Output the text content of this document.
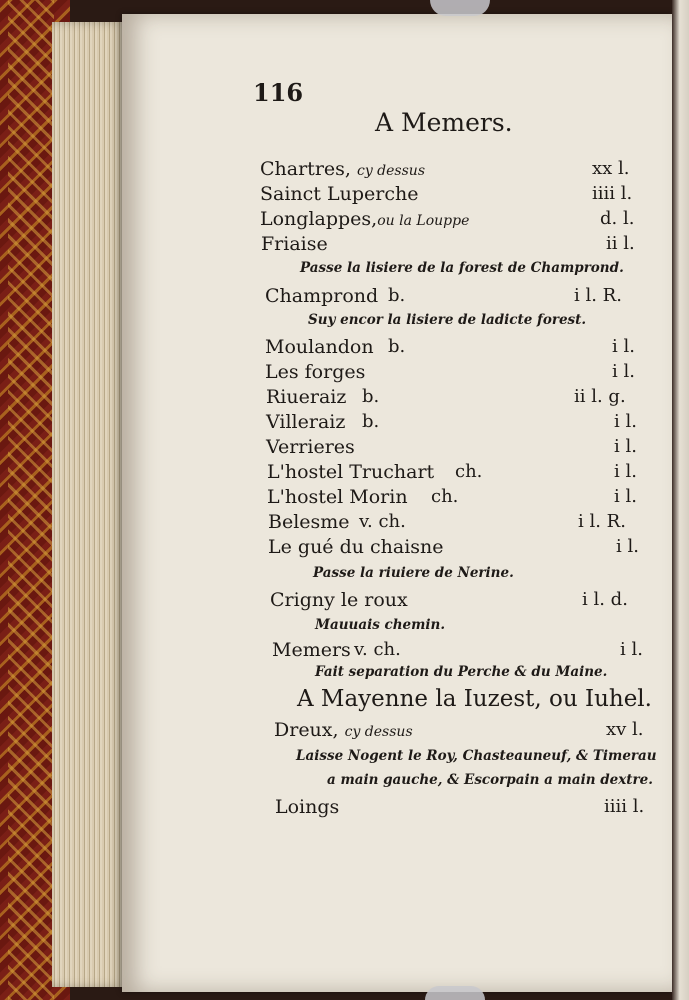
116
A Memers.
Chartres, cy dessus	xx l.
Sainct Luperche	iiii l.
Longlappes,ou la Louppe	d. l.
Friaise	ii l.
Passe la lisiere de la forest de Champrond.
Champrond b.	i l. R.
Suy encor la lisiere de ladicte forest.
Moulandon b.	i l.
Les forges	i l.
Riueraiz b.	ii l. g.
Villeraiz b.	i l.
Verrieres	i l.
L'hostel Truchart ch.	i l.
L'hostel Morin ch.	i l.
Belesme v. ch.	i l. R.
Le gué du chaisne	i l.
Passe la riuiere de Nerine.
Crigny le roux	i l. d.
Mauuais chemin.
Memers v. ch.	i l.
Fait separation du Perche & du Maine.
A Mayenne la Iuzest, ou Iuhel.
Dreux, cy dessus	xv l.
Laisse Nogent le Roy, Chasteauneuf, & Timerau
a main gauche, & Escorpain a main dextre.
Loings	iiii l.
